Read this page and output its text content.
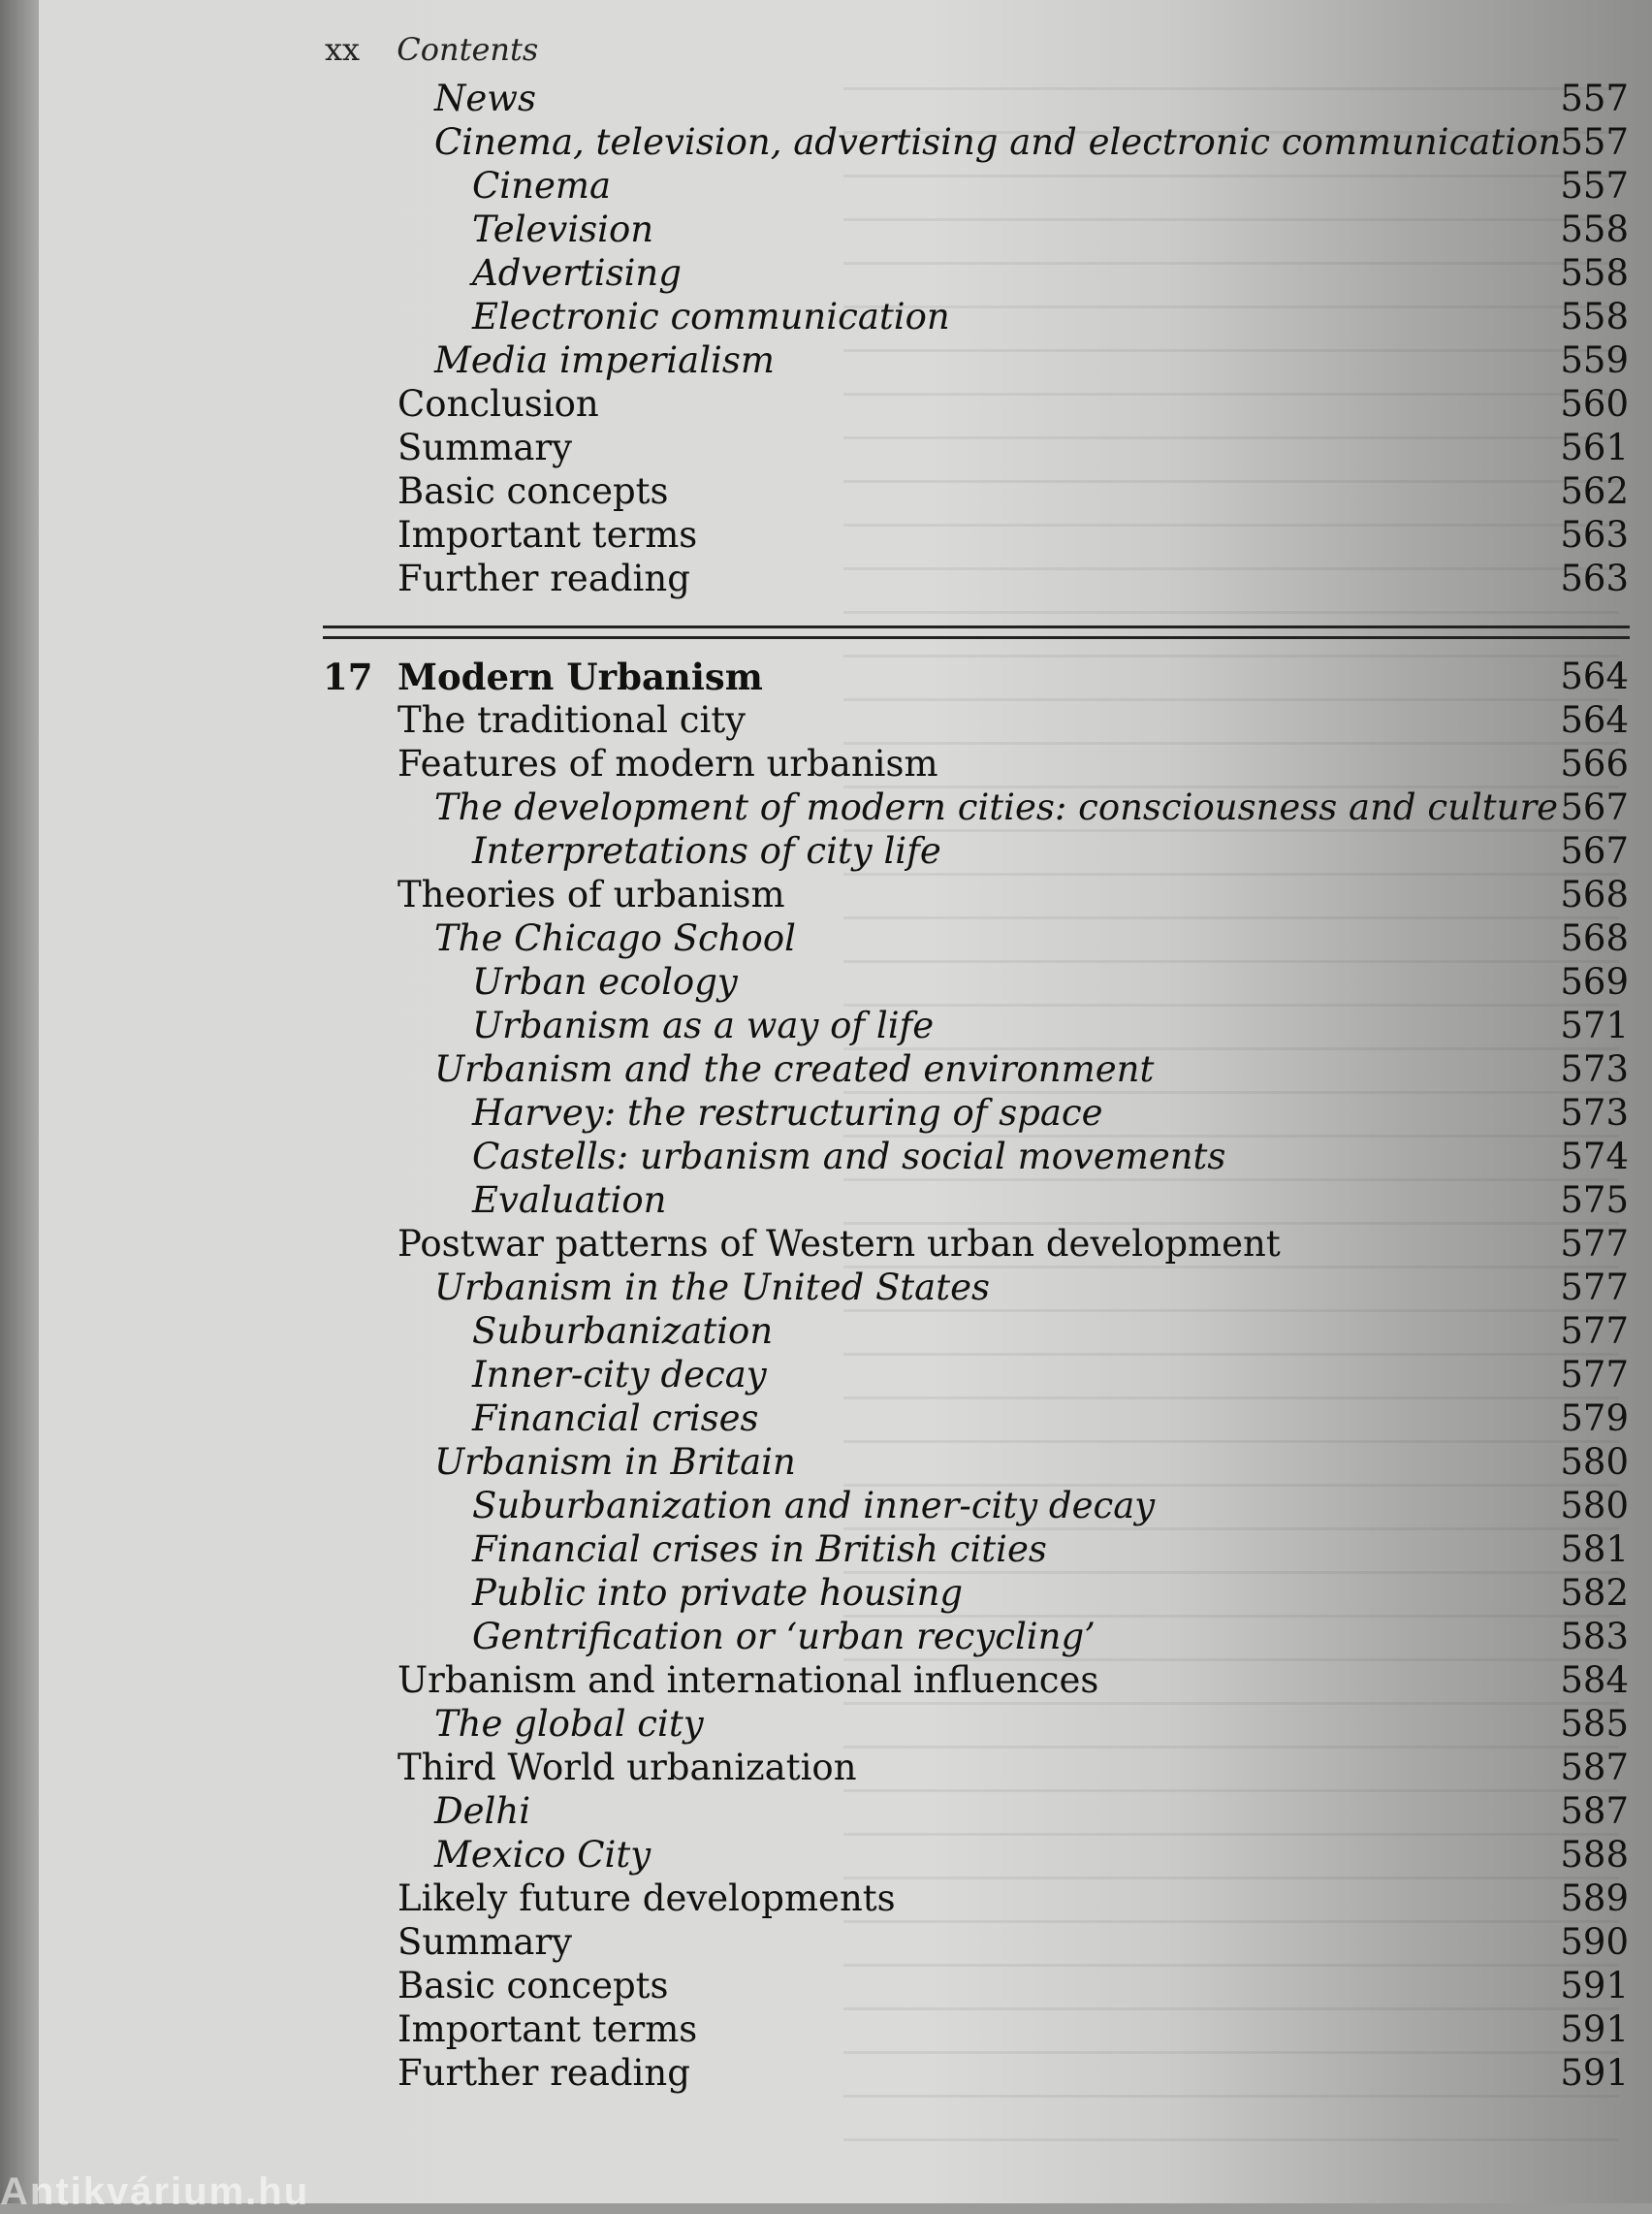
xx Contents
News	557
Cinema, television, advertising and electronic communication 557
Cinema	557
Television	558
Advertising	558
Electronic communication	558
Media imperialism	559
Conclusion	560
Summary	561
Basic concepts	562
Important terms	563
Further reading	563
17 Modern Urbanism	564
The traditional city	564
Features of modern urbanism	566
The development of modern cities: consciousness and culture 567
Interpretations of city life	567
Theories of urbanism	568
The Chicago School	568
Urban ecology	569
Urbanism as a way of life	571
Urbanism and the created environment	573
Harvey: the restructuring of space	573
Castells: urbanism and social movements	574
Evaluation	575
Postwar patterns of Western urban development	577
Urbanism in the United States	577
Suburbanization	577
Inner-city decay	577
Financial crises	579
Urbanism in Britain	580
Suburbanization and inner-city decay	580
Financial crises in British cities	581
Public into private housing	582
Gentrification or ‘urban recycling’	583
Urbanism and international influences	584
The global city	585
Third World urbanization	587
Delhi	587
Mexico City	588
Likely future developments	589
Summary	590
Basic concepts	591
Important terms	591
Further reading	591
Antikvárium.hu
